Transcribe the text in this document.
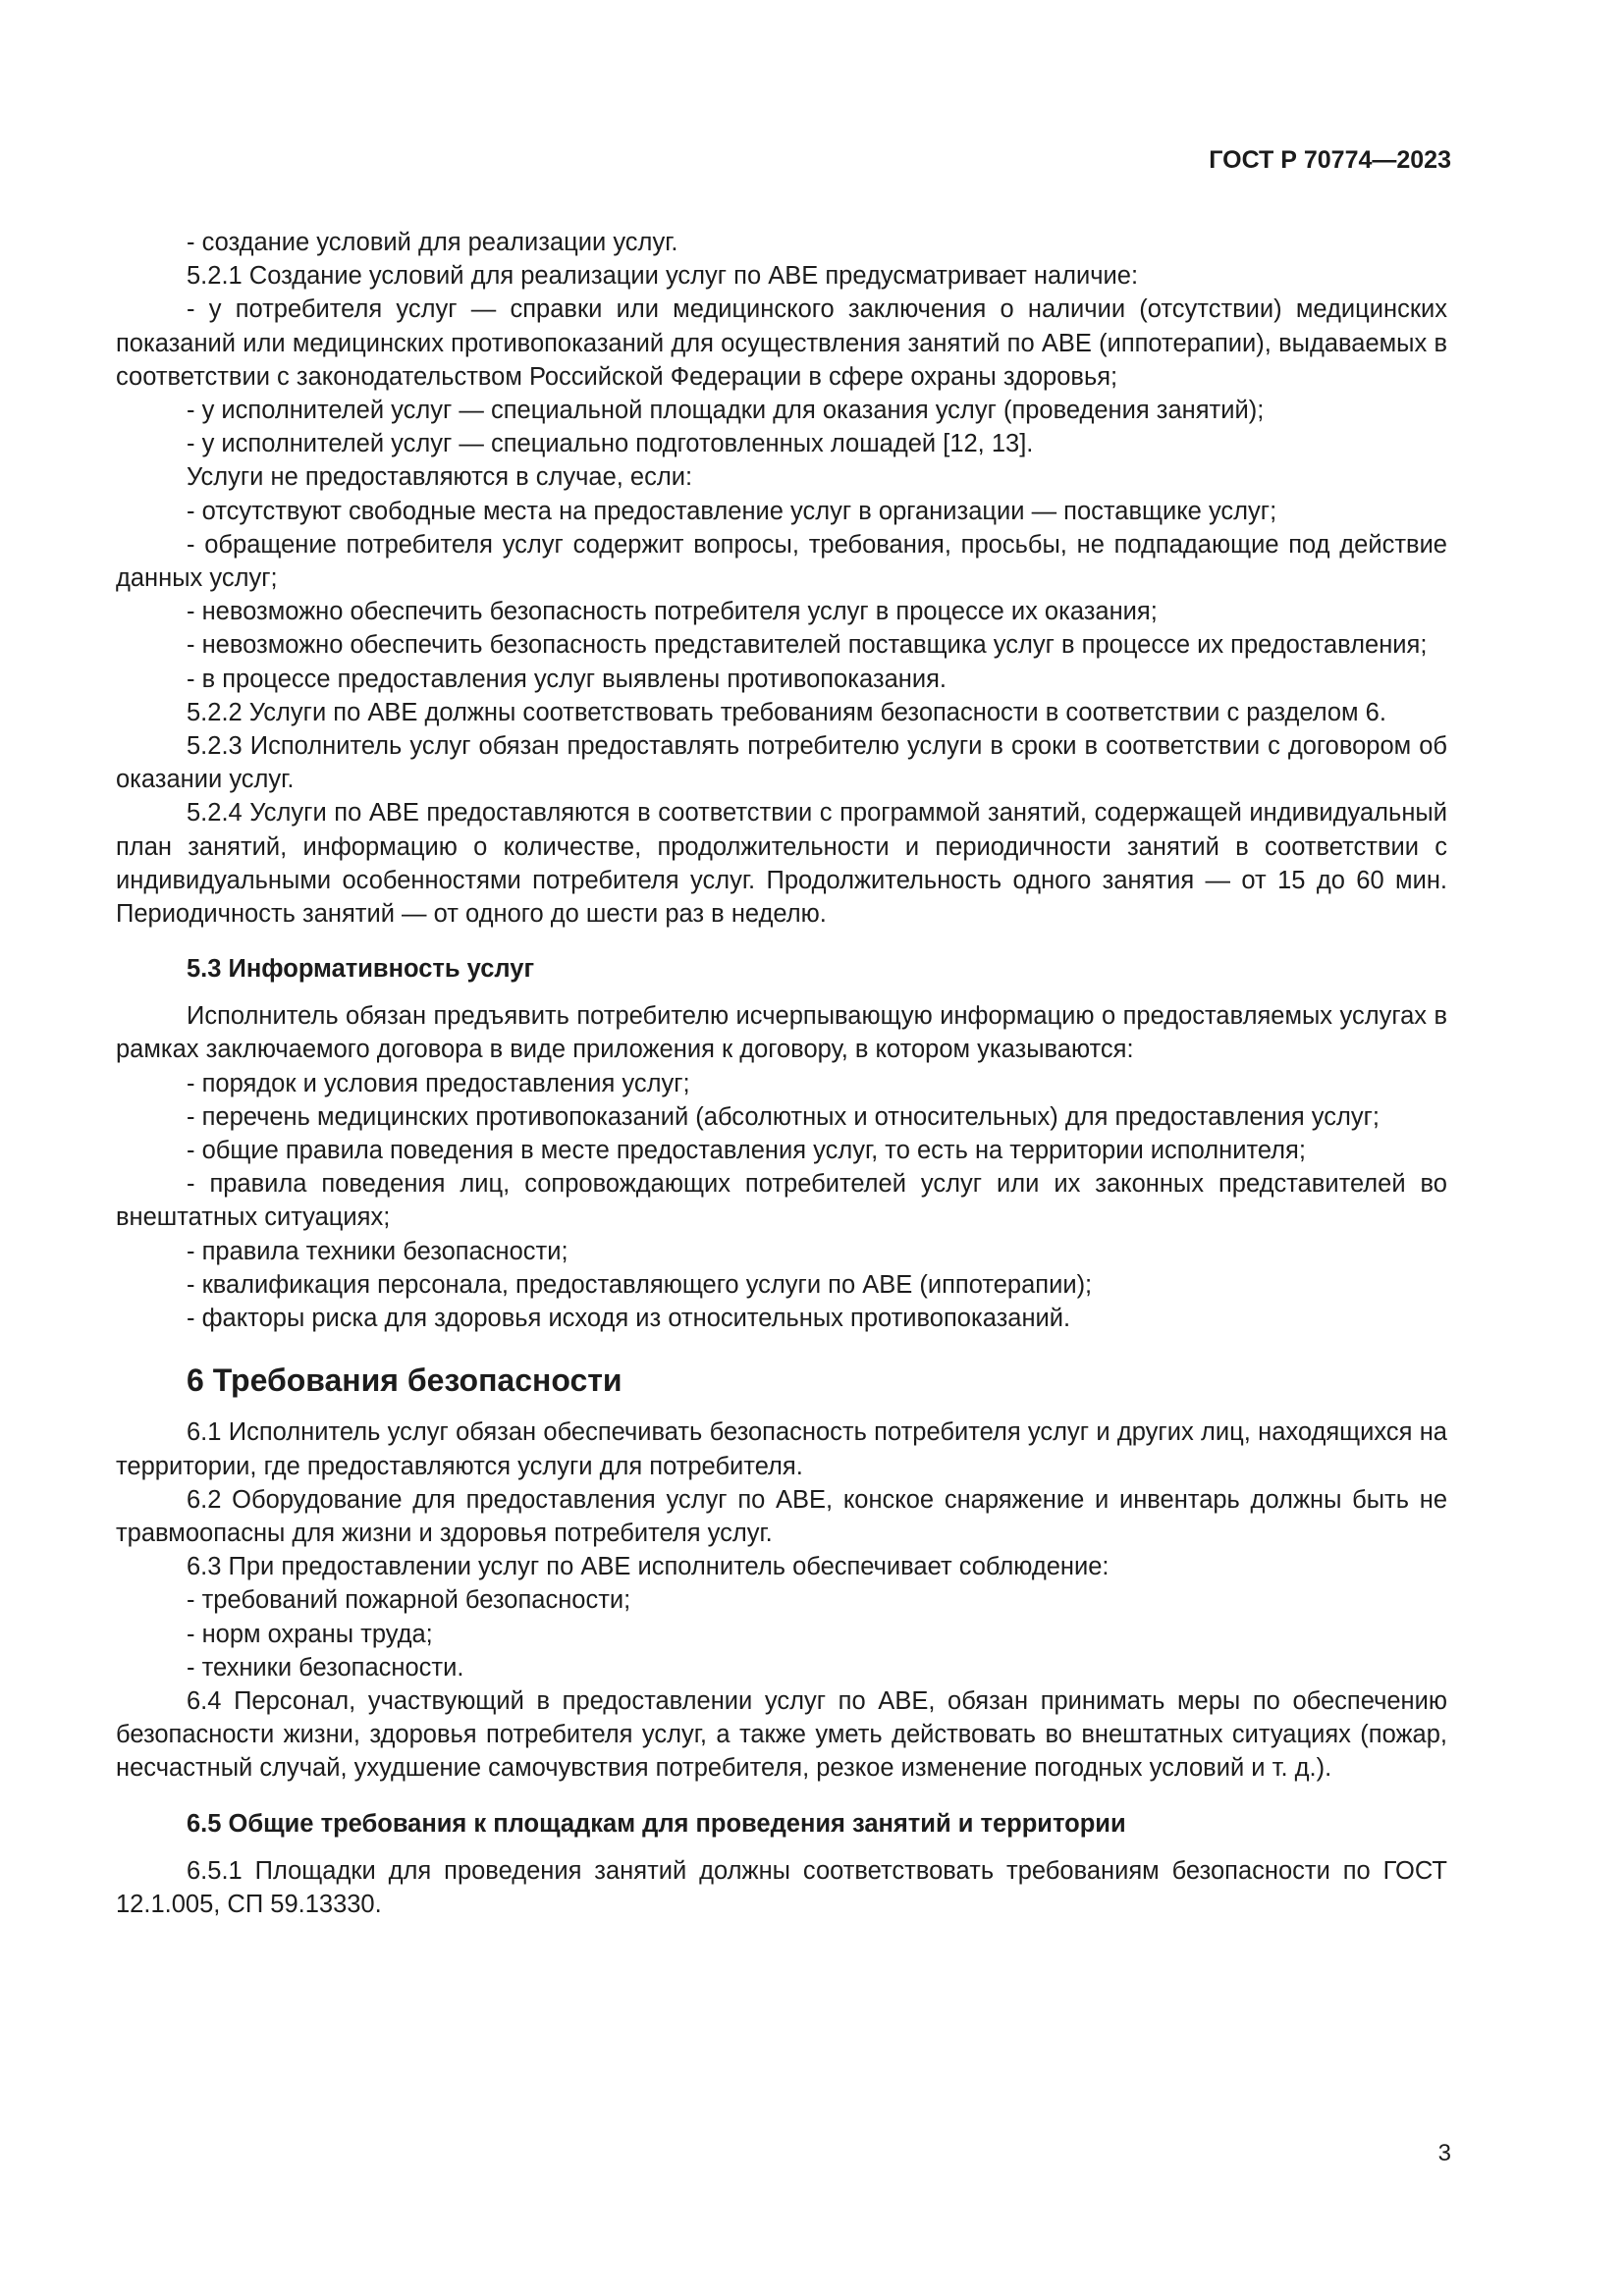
ГОСТ Р 70774—2023

- создание условий для реализации услуг.

5.2.1 Создание условий для реализации услуг по АВЕ предусматривает наличие:

- у потребителя услуг — справки или медицинского заключения о наличии (отсутствии) медицинских показаний или медицинских противопоказаний для осуществления занятий по АВЕ (иппотерапии), выдаваемых в соответствии с законодательством Российской Федерации в сфере охраны здоровья;

- у исполнителей услуг — специальной площадки для оказания услуг (проведения занятий);

- у исполнителей услуг — специально подготовленных лошадей [12, 13].

Услуги не предоставляются в случае, если:

- отсутствуют свободные места на предоставление услуг в организации — поставщике услуг;

- обращение потребителя услуг содержит вопросы, требования, просьбы, не подпадающие под действие данных услуг;

- невозможно обеспечить безопасность потребителя услуг в процессе их оказания;

- невозможно обеспечить безопасность представителей поставщика услуг в процессе их предоставления;

- в процессе предоставления услуг выявлены противопоказания.

5.2.2 Услуги по АВЕ должны соответствовать требованиям безопасности в соответствии с разделом 6.

5.2.3 Исполнитель услуг обязан предоставлять потребителю услуги в сроки в соответствии с договором об оказании услуг.

5.2.4 Услуги по АВЕ предоставляются в соответствии с программой занятий, содержащей индивидуальный план занятий, информацию о количестве, продолжительности и периодичности занятий в соответствии с индивидуальными особенностями потребителя услуг. Продолжительность одного занятия — от 15 до 60 мин. Периодичность занятий — от одного до шести раз в неделю.

5.3 Информативность услуг

Исполнитель обязан предъявить потребителю исчерпывающую информацию о предоставляемых услугах в рамках заключаемого договора в виде приложения к договору, в котором указываются:

- порядок и условия предоставления услуг;

- перечень медицинских противопоказаний (абсолютных и относительных) для предоставления услуг;

- общие правила поведения в месте предоставления услуг, то есть на территории исполнителя;

- правила поведения лиц, сопровождающих потребителей услуг или их законных представителей во внештатных ситуациях;

- правила техники безопасности;

- квалификация персонала, предоставляющего услуги по АВЕ (иппотерапии);

- факторы риска для здоровья исходя из относительных противопоказаний.

6 Требования безопасности

6.1 Исполнитель услуг обязан обеспечивать безопасность потребителя услуг и других лиц, находящихся на территории, где предоставляются услуги для потребителя.

6.2 Оборудование для предоставления услуг по АВЕ, конское снаряжение и инвентарь должны быть не травмоопасны для жизни и здоровья потребителя услуг.

6.3 При предоставлении услуг по АВЕ исполнитель обеспечивает соблюдение:

- требований пожарной безопасности;

- норм охраны труда;

- техники безопасности.

6.4 Персонал, участвующий в предоставлении услуг по АВЕ, обязан принимать меры по обеспечению безопасности жизни, здоровья потребителя услуг, а также уметь действовать во внештатных ситуациях (пожар, несчастный случай, ухудшение самочувствия потребителя, резкое изменение погодных условий и т. д.).

6.5 Общие требования к площадкам для проведения занятий и территории

6.5.1 Площадки для проведения занятий должны соответствовать требованиям безопасности по ГОСТ 12.1.005, СП 59.13330.

3
